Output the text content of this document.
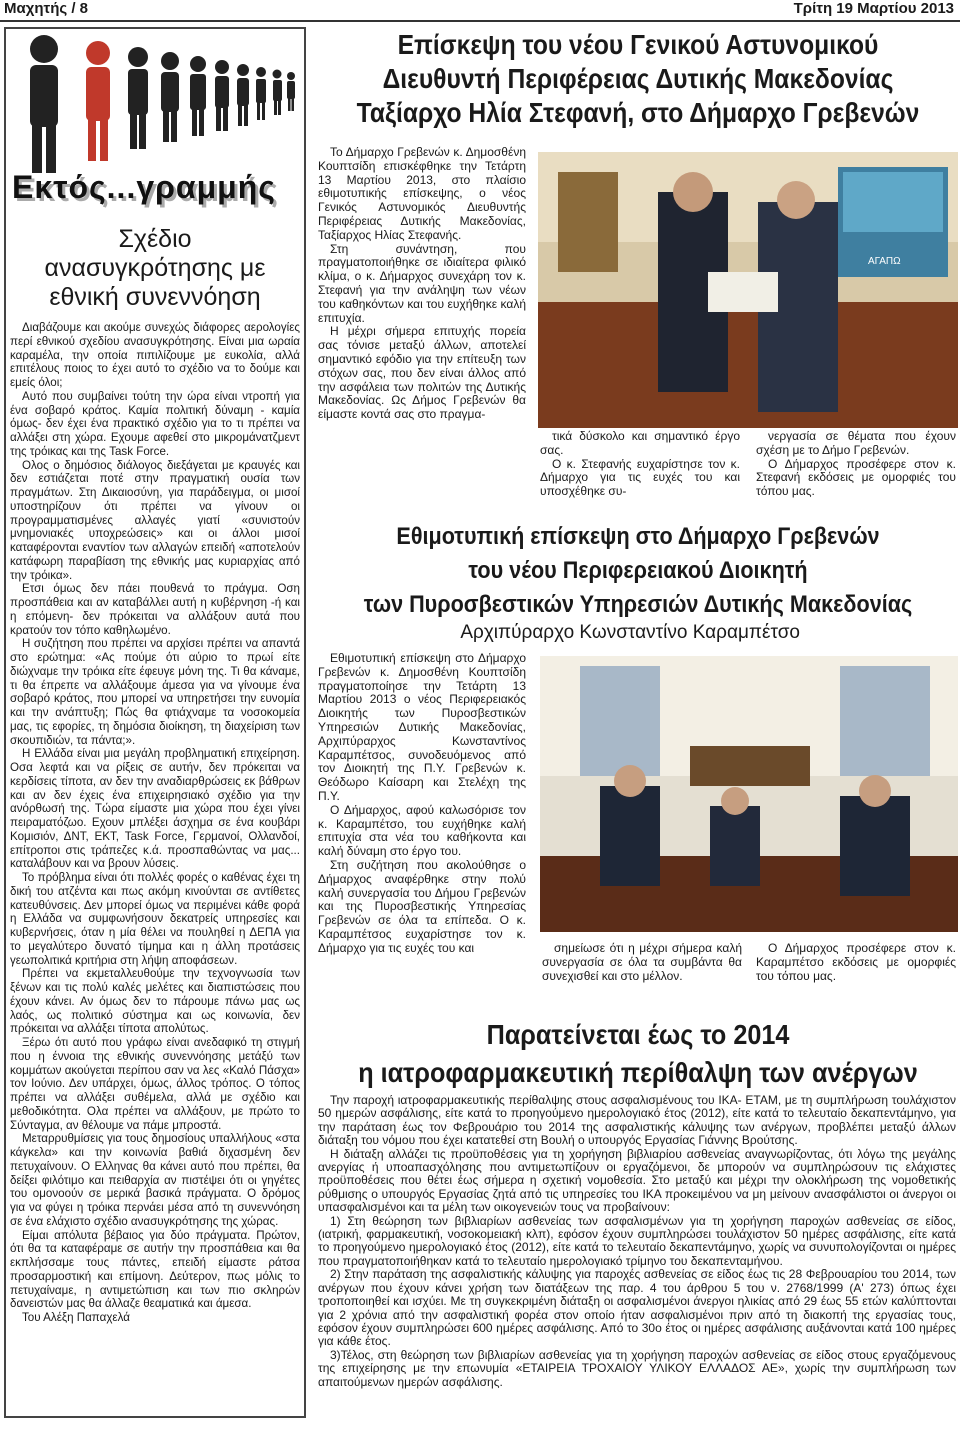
Μαχητής / 8	Τρίτη 19 Μαρτίου 2013
Εκτός...γραμμής
Σχέδιο
ανασυγκρότησης με
εθνική συνεννόηση

Διαβάζουμε και ακούμε συνεχώς διάφορες αερολογίες περί εθνικού σχεδίου ανασυγκρότησης. Είναι μια ωραία καραμέλα, την οποία πιπιλίζουμε με ευκολία, αλλά επιτέλους ποιος το έχει αυτό το σχέδιο να το δούμε και εμείς όλοι;

Αυτό που συμβαίνει τούτη την ώρα είναι ντροπή για ένα σοβαρό κράτος. Καμία πολιτική δύναμη - καμία όμως- δεν έχει ένα πρακτικό σχέδιο για το τι πρέπει να αλλάξει στη χώρα. Εχουμε αφεθεί στο μικρομάνατζμεντ της τρόικας και της Task Force.

Ολος ο δημόσιος διάλογος διεξάγεται με κραυγές και δεν εστιάζεται ποτέ στην πραγματική ουσία των πραγμάτων. Στη Δικαιοσύνη, για παράδειγμα, οι μισοί υποστηρίζουν ότι πρέπει να γίνουν οι προγραμματισμένες αλλαγές γιατί «συνιστούν μνημονιακές υποχρεώσεις» και οι άλλοι μισοί καταφέρονται εναντίον των αλλαγών επειδή «αποτελούν κατάφωρη παραβίαση της εθνικής μας κυριαρχίας από την τρόικα».

Ετσι όμως δεν πάει πουθενά το πράγμα. Οση προσπάθεια και αν καταβάλλει αυτή η κυβέρνηση -ή και η επόμενη- δεν πρόκειται να αλλάξουν αυτά που κρατούν τον τόπο καθηλωμένο.

Η συζήτηση που πρέπει να αρχίσει πρέπει να απαντά στο ερώτημα: «Ας πούμε ότι αύριο το πρωί είτε διώχναμε την τρόικα είτε έφευγε μόνη της. Τι θα κάναμε, τι θα έπρεπε να αλλάξουμε άμεσα για να γίνουμε ένα σοβαρό κράτος, που μπορεί να υπηρετήσει την ευνομία και την ανάπτυξη; Πώς θα φτιάχναμε τα νοσοκομεία μας, τις εφορίες, τη δημόσια διοίκηση, τη διαχείριση των σκουπιδιών, τα πάντα;».

Η Ελλάδα είναι μια μεγάλη προβληματική επιχείρηση. Οσα λεφτά και να ρίξεις σε αυτήν, δεν πρόκειται να κερδίσεις τίποτα, αν δεν την αναδιαρθρώσεις εκ βάθρων και αν δεν έχεις ένα επιχειρησιακό σχέδιο για την ανόρθωσή της. Τώρα είμαστε μια χώρα που έχει γίνει πειραματόζωο. Εχουν μπλέξει άσχημα σε ένα κουβάρι Κομισιόν, ΔΝΤ, ΕΚΤ, Task Force, Γερμανοί, Ολλανδοί, επίτροποι στις τράπεζες κ.ά. προσπαθώντας να μας... καταλάβουν και να βρουν λύσεις.

Το πρόβλημα είναι ότι πολλές φορές ο καθένας έχει τη δική του ατζέντα και πως ακόμη κινούνται σε αντίθετες κατευθύνσεις. Δεν μπορεί όμως να περιμένει κάθε φορά η Ελλάδα να συμφωνήσουν δεκατρείς υπηρεσίες και κυβερνήσεις, όταν η μία θέλει να πουληθεί η ΔΕΠΑ για το μεγαλύτερο δυνατό τίμημα και η άλλη προτάσεις γεωπολιτικά κριτήρια στη λήψη αποφάσεων.

Πρέπει να εκμεταλλευθούμε την τεχνογνωσία των ξένων και τις πολύ καλές μελέτες και διαπιστώσεις που έχουν κάνει. Αν όμως δεν το πάρουμε πάνω μας ως λαός, ως πολιτικό σύστημα και ως κοινωνία, δεν πρόκειται να αλλάξει τίποτα απολύτως.

Ξέρω ότι αυτό που γράφω είναι ανεδαφικό τη στιγμή που η έννοια της εθνικής συνεννόησης μετάξύ των κομμάτων ακούγεται περίπου σαν να λες «Καλό Πάσχα» τον Ιούνιο. Δεν υπάρχει, όμως, άλλος τρόπος. Ο τόπος πρέπει να αλλάξει συθέμελα, αλλά με σχέδιο και μεθοδικότητα. Ολα πρέπει να αλλάξουν, με πρώτο το Σύνταγμα, αν θέλουμε να πάμε μπροστά.

Μεταρρυθμίσεις για τους δημοσίους υπαλλήλους «στα κάγκελα» και την κοινωνία βαθιά διχασμένη δεν πετυχαίνουν. Ο Ελληνας θα κάνει αυτό που πρέπει, θα δείξει φιλότιμο και πειθαρχία αν πιστέψει ότι οι γηγέτες του ομονοούν σε μερικά βασικά πράγματα. Ο δρόμος για να φύγει η τρόικα περνάει μέσα από τη συνεννόηση σε ένα ελάχιστο σχέδιο ανασυγκρότησης της χώρας.

Είμαι απόλυτα βέβαιος για δύο πράγματα. Πρώτον, ότι θα τα καταφέραμε σε αυτήν την προσπάθεια και θα εκπλήσσαμε τους πάντες, επειδή είμαστε ράτσα προσαρμοστική και επίμονη. Δεύτερον, πως μόλις το πετυχαίναμε, η αντιμετώπιση και των πιο σκληρών δανειστών μας θα άλλαζε θεαματικά και άμεσα.

Του Αλέξη Παπαχελά

Επίσκεψη του νέου Γενικού Αστυνομικού
Διευθυντή Περιφέρειας Δυτικής Μακεδονίας
Ταξίαρχο Ηλία Στεφανή, στο Δήμαρχο Γρεβενών

Το Δήμαρχο Γρεβενών κ. Δημοσθένη Κουπτσίδη επισκέφθηκε την Τετάρτη 13 Μαρτίου 2013, στο πλαίσιο εθιμοτυπικής επίσκεψης, ο νέος Γενικός Αστυνομικός Διευθυντής Περιφέρειας Δυτικής Μακεδονίας, Ταξίαρχος Ηλίας Στεφανής.

Στη συνάντηση, που πραγματοποιήθηκε σε ιδιαίτερα φιλικό κλίμα, ο κ. Δήμαρχος συνεχάρη τον κ. Στεφανή για την ανάληψη των νέων του καθηκόντων και του ευχήθηκε καλή επιτυχία.

Η μέχρι σήμερα επιτυχής πορεία σας τόνισε μεταξύ άλλων, αποτελεί σημαντικό εφόδιο για την επίτευξη των στόχων σας, που δεν είναι άλλος από την ασφάλεια των πολιτών της Δυτικής Μακεδονίας. Ως Δήμος Γρεβενών θα είμαστε κοντά σας στο πραγμα-

ΑΓΑΠΩ

τικά δύσκολο και σημαντικό έργο σας.

Ο κ. Στεφανής ευχαρίστησε τον κ. Δήμαρχο για τις ευχές του και υποσχέθηκε συ-

νεργασία σε θέματα που έχουν σχέση με το Δήμο Γρεβενών.

Ο Δήμαρχος προσέφερε στον κ. Στεφανή εκδόσεις με ομορφιές του τόπου μας.

Εθιμοτυπική επίσκεψη στο Δήμαρχο Γρεβενών
του νέου Περιφερειακού Διοικητή
των Πυροσβεστικών Υπηρεσιών Δυτικής Μακεδονίας
Αρχιπύραρχο Κωνσταντίνο Καραμπέτσο

Εθιμοτυπική επίσκεψη στο Δήμαρχο Γρεβενών κ. Δημοσθένη Κουπτσίδη πραγματοποίησε την Τετάρτη 13 Μαρτίου 2013 ο νέος Περιφερειακός Διοικητής των Πυροσβεστικών Υπηρεσιών Δυτικής Μακεδονίας, Αρχιπύραρχος Κωνσταντίνος Καραμπέτσος, συνοδευόμενος από τον Διοικητή της Π.Υ. Γρεβενών κ. Θεόδωρο Καίσαρη και Στελέχη της Π.Υ.

Ο Δήμαρχος, αφού καλωσόρισε τον κ. Καραμπέτσο, του ευχήθηκε καλή επιτυχία στα νέα του καθήκοντα και καλή δύναμη στο έργο του.

Στη συζήτηση που ακολούθησε ο Δήμαρχος αναφέρθηκε στην πολύ καλή συνεργασία του Δήμου Γρεβενών και της Πυροσβεστικής Υπηρεσίας Γρεβενών σε όλα τα επίπεδα. Ο κ. Καραμπέτσος ευχαρίστησε τον κ. Δήμαρχο για τις ευχές του και	σημείωσε ότι η μέχρι σήμερα καλή συνεργασία σε όλα τα συμβάντα θα συνεχισθεί και στο μέλλον.

Ο Δήμαρχος προσέφερε στον κ. Καραμπέτσο εκδόσεις με ομορφιές του τόπου μας.

Παρατείνεται έως το 2014
η ιατροφαρμακευτική περίθαλψη των ανέργων

Την παροχή ιατροφαρμακευτικής περίθαλψης στους ασφαλισμένους του ΙΚΑ- ΕΤΑΜ, με τη συμπλήρωση τουλάχιστον 50 ημερών ασφάλισης, είτε κατά το προηγούμενο ημερολογιακό έτος (2012), είτε κατά το τελευταίο δεκαπεντάμηνο, για την παράταση έως τον Φεβρουάριο του 2014 της ασφαλιστικής κάλυψης των ανέργων, προβλέπει μεταξύ άλλων διάταξη του νόμου που έχει κατατεθεί στη Βουλή ο υπουργός Εργασίας Γιάννης Βρούτσης.

Η διάταξη αλλάζει τις προϋποθέσεις για τη χορήγηση βιβλιαρίου ασθενείας αναγνωρίζοντας, ότι λόγω της μεγάλης ανεργίας ή υποαπασχόλησης που αντιμετωπίζουν οι εργαζόμενοι, δε μπορούν να συμπληρώσουν τις ελάχιστες προϋποθέσεις που θέτει έως σήμερα η σχετική νομοθεσία. Στο μεταξύ και μέχρι την ολοκλήρωση της νομοθετικής ρύθμισης ο υπουργός Εργασίας ζητά από τις υπηρεσίες του ΙΚΑ προκειμένου να μη μείνουν ανασφάλιστοι οι άνεργοι οι υπασφαλισμένοι και τα μέλη των οικογενειών τους να προβαίνουν:

1) Στη θεώρηση των βιβλιαρίων ασθενείας των ασφαλισμένων για τη χορήγηση παροχών ασθενείας σε είδος, (ιατρική, φαρμακευτική, νοσοκομειακή κλπ), εφόσον έχουν συμπληρώσει τουλάχιστον 50 ημέρες ασφάλισης, είτε κατά το προηγούμενο ημερολογιακό έτος (2012), είτε κατά το τελευταίο δεκαπεντάμηνο, χωρίς να συνυπολογίζονται οι ημέρες που πραγματοποιήθηκαν κατά το τελευταίο ημερολογιακό τρίμηνο του δεκαπενταμήνου.

2) Στην παράταση της ασφαλιστικής κάλυψης για παροχές ασθενείας σε είδος έως τις 28 Φεβρουαρίου του 2014, των ανέργων που έχουν κάνει χρήση των διατάξεων της παρ. 4 του άρθρου 5 του ν. 2768/1999 (Α' 273) όπως έχει τροποποιηθεί και ισχύει. Με τη συγκεκριμένη διάταξη οι ασφαλισμένοι άνεργοι ηλικίας από 29 έως 55 ετών καλύπτονται για 2 χρόνια από την ασφαλιστική φορέα στον οποίο ήταν ασφαλισμένοι πριν από τη διακοπή της εργασίας τους, εφόσον έχουν συμπληρώσει 600 ημέρες ασφάλισης. Από το 30ο έτος οι ημέρες ασφάλισης αυξάνονται κατά 100 ημέρες για κάθε έτος.

3)Τέλος, στη θεώρηση των βιβλιαρίων ασθενείας για τη χορήγηση παροχών ασθενείας σε είδος στους εργαζόμενους της επιχείρησης με την επωνυμία «ΕΤΑΙΡΕΙΑ ΤΡΟΧΑΙΟΥ ΥΛΙΚΟΥ ΕΛΛΑΔΟΣ ΑΕ», χωρίς την συμπλήρωση των απαιτούμενων ημερών ασφάλισης.
